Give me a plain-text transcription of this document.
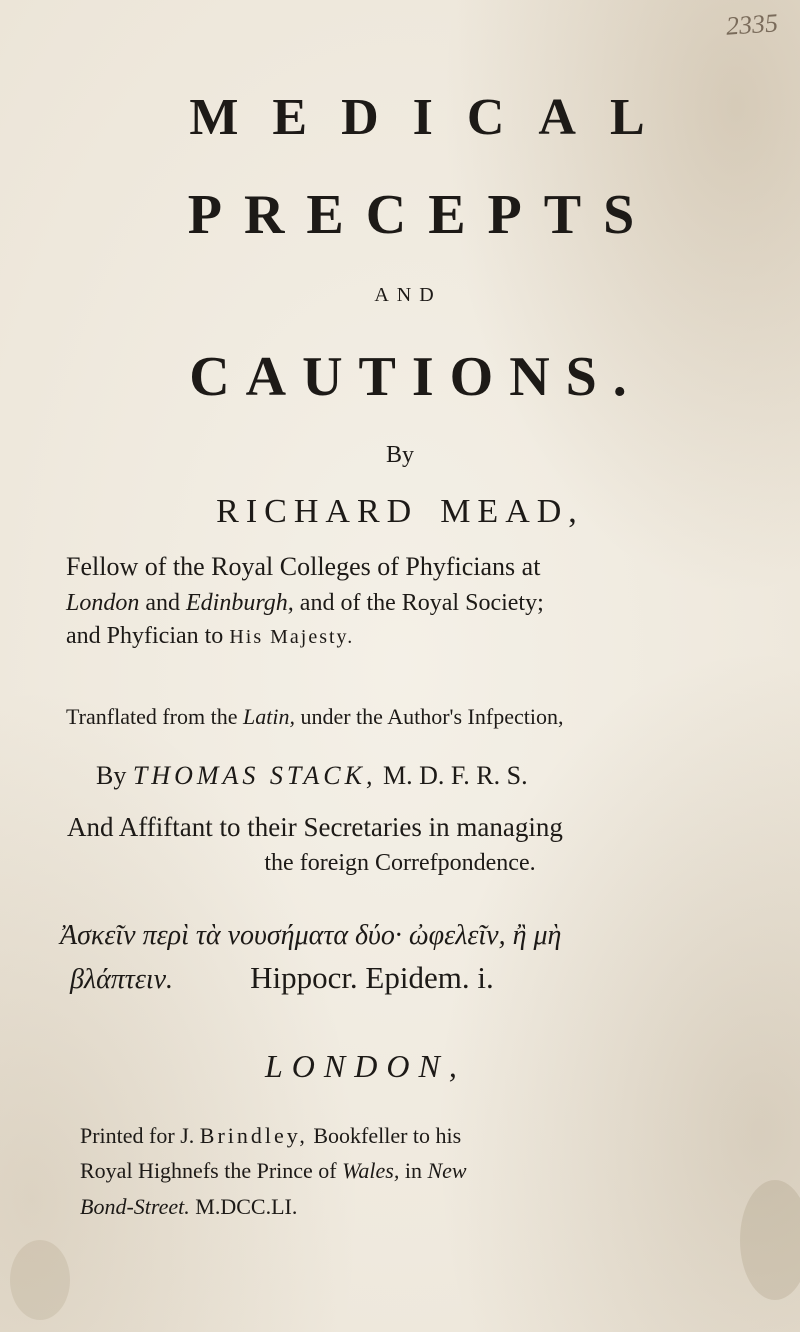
2335
MEDICAL
PRECEPTS
AND
CAUTIONS.
By
RICHARD MEAD,
Fellow of the Royal Colleges of Phyficians at
London and Edinburgh, and of the Royal Society;
and Phyfician to His Majesty.
Tranflated from the Latin, under the Author's Infpection,
By THOMAS STACK, M. D. F. R. S.
And Affiftant to their Secretaries in managing
the foreign Correfpondence.
Ἀσκεῖν περὶ τὰ νουσήματα δύο· ὠφελεῖν, ἢ μὴ
βλάπτειν. Hippocr. Epidem. i.
LONDON,
Printed for J. Brindley, Bookfeller to his
Royal Highnefs the Prince of Wales, in New
Bond-Street. M.DCC.LI.
